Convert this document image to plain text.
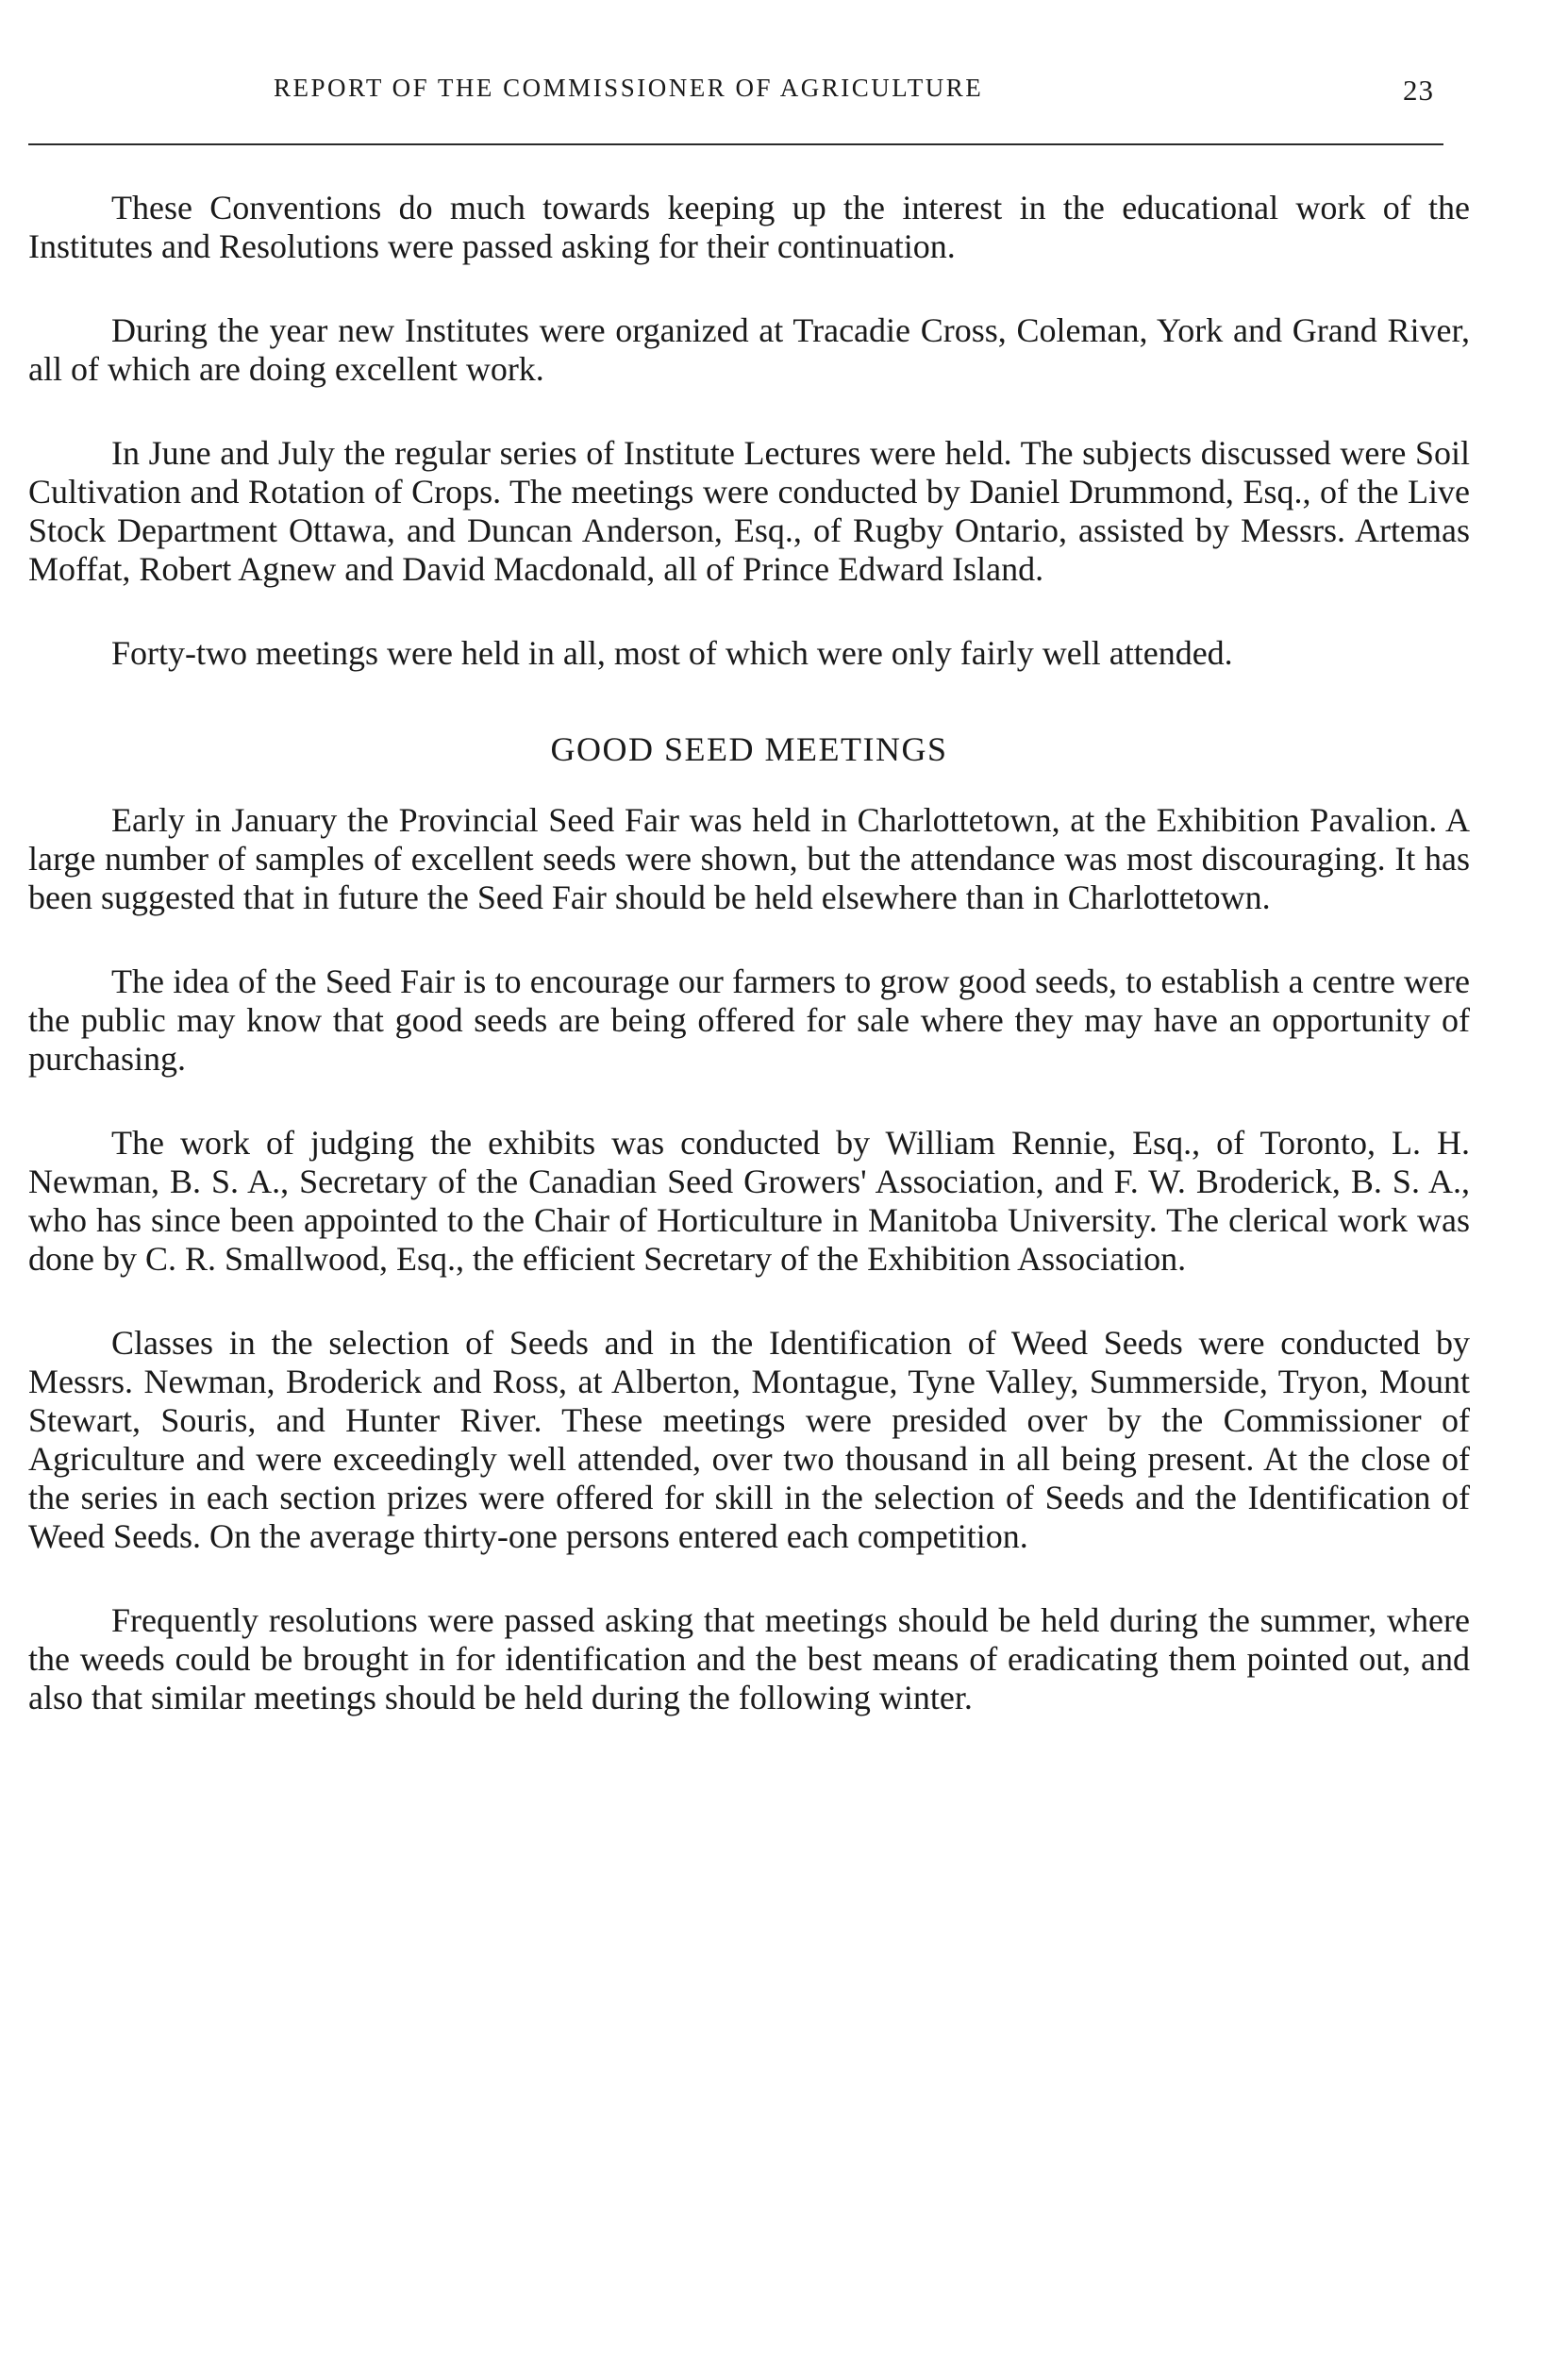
REPORT OF THE COMMISSIONER OF AGRICULTURE	23

These Conventions do much towards keeping up the interest in the educational work of the Institutes and Resolutions were passed asking for their continuation.

During the year new Institutes were organized at Tracadie Cross, Coleman, York and Grand River, all of which are doing excellent work.

In June and July the regular series of Institute Lectures were held. The subjects discussed were Soil Cultivation and Rotation of Crops. The meetings were conducted by Daniel Drummond, Esq., of the Live Stock Department Ottawa, and Duncan Anderson, Esq., of Rugby Ontario, assisted by Messrs. Artemas Moffat, Robert Agnew and David Macdonald, all of Prince Edward Island.

Forty-two meetings were held in all, most of which were only fairly well attended.

GOOD SEED MEETINGS

Early in January the Provincial Seed Fair was held in Charlottetown, at the Exhibition Pavalion. A large number of samples of excellent seeds were shown, but the attendance was most discouraging. It has been suggested that in future the Seed Fair should be held elsewhere than in Charlottetown.

The idea of the Seed Fair is to encourage our farmers to grow good seeds, to establish a centre were the public may know that good seeds are being offered for sale where they may have an opportunity of purchasing.

The work of judging the exhibits was conducted by William Rennie, Esq., of Toronto, L. H. Newman, B. S. A., Secretary of the Canadian Seed Growers' Association, and F. W. Broderick, B. S. A., who has since been appointed to the Chair of Horticulture in Manitoba University. The clerical work was done by C. R. Smallwood, Esq., the efficient Secretary of the Exhibition Association.

Classes in the selection of Seeds and in the Identification of Weed Seeds were conducted by Messrs. Newman, Broderick and Ross, at Alberton, Montague, Tyne Valley, Summerside, Tryon, Mount Stewart, Souris, and Hunter River. These meetings were presided over by the Commissioner of Agriculture and were exceedingly well attended, over two thousand in all being present. At the close of the series in each section prizes were offered for skill in the selection of Seeds and the Identification of Weed Seeds. On the average thirty-one persons entered each competition.

Frequently resolutions were passed asking that meetings should be held during the summer, where the weeds could be brought in for identification and the best means of eradicating them pointed out, and also that similar meetings should be held during the following winter.
